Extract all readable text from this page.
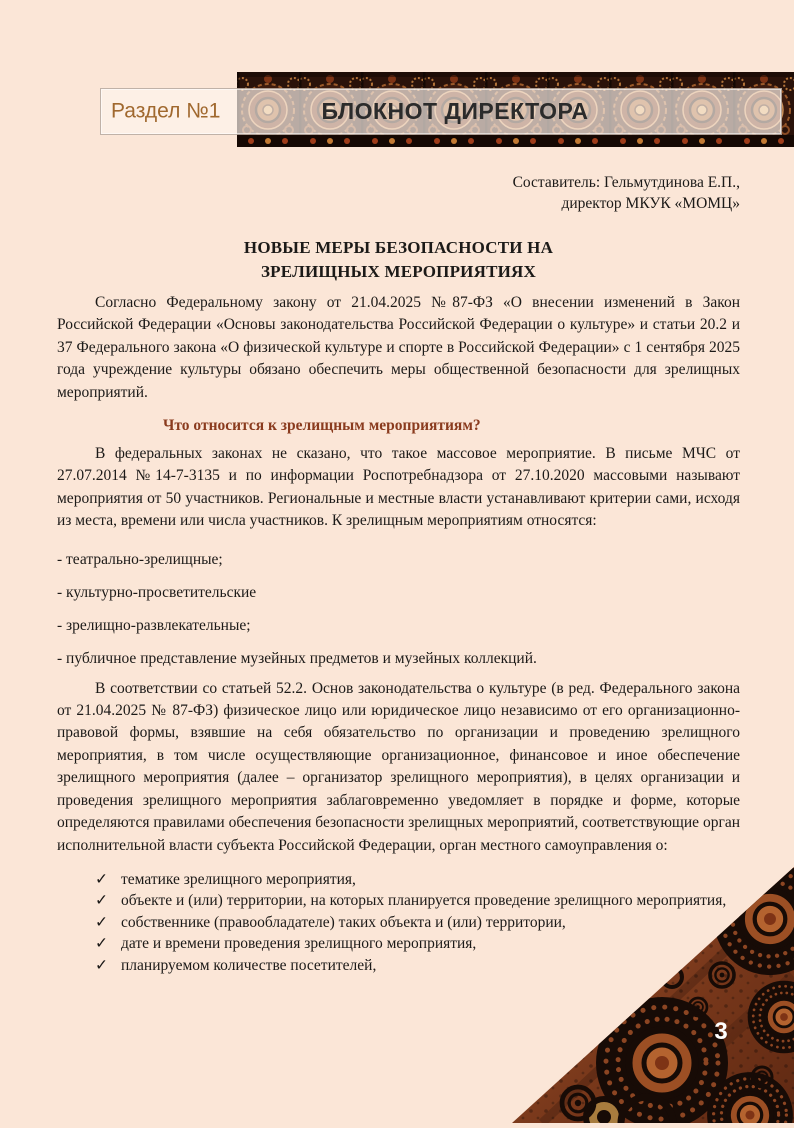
Раздел №1	БЛОКНОТ ДИРЕКТОРА
Составитель: Гельмутдинова Е.П.,
директор МКУК «МОМЦ»
НОВЫЕ МЕРЫ БЕЗОПАСНОСТИ НА
ЗРЕЛИЩНЫХ МЕРОПРИЯТИЯХ

Согласно Федеральному закону от 21.04.2025 №87-ФЗ «О внесении изменений в Закон Российской Федерации «Основы законодательства Российской Федерации о культуре» и статьи 20.2 и 37 Федерального закона «О физической культуре и спорте в Российской Федерации» с 1 сентября 2025 года учреждение культуры обязано обеспечить меры общественной безопасности для зрелищных мероприятий.

Что относится к зрелищным мероприятиям?

В федеральных законах не сказано, что такое массовое мероприятие. В письме МЧС от 27.07.2014 №14-7-3135 и по информации Роспотребнадзора от 27.10.2020 массовыми называют мероприятия от 50 участников. Региональные и местные власти устанавливают критерии сами, исходя из места, времени или числа участников. К зрелищным мероприятиям относятся:

- театрально-зрелищные;
- культурно-просветительские
- зрелищно-развлекательные;
- публичное представление музейных предметов и музейных коллекций.

В соответствии со статьей 52.2. Основ законодательства о культуре (в ред. Федерального закона от 21.04.2025 № 87-ФЗ) физическое лицо или юридическое лицо независимо от его организационно-правовой формы, взявшие на себя обязательство по организации и проведению зрелищного мероприятия, в том числе осуществляющие организационное, финансовое и иное обеспечение зрелищного мероприятия (далее – организатор зрелищного мероприятия), в целях организации и проведения зрелищного мероприятия заблаговременно уведомляет в порядке и форме, которые определяются правилами обеспечения безопасности зрелищных мероприятий, соответствующие орган исполнительной власти субъекта Российской Федерации, орган местного самоуправления о:

✓ тематике зрелищного мероприятия,
✓ объекте и (или) территории, на которых планируется проведение зрелищного мероприятия,
✓ собственнике (правообладателе) таких объекта и (или) территории,
✓ дате и времени проведения зрелищного мероприятия,
✓ планируемом количестве посетителей,
3
